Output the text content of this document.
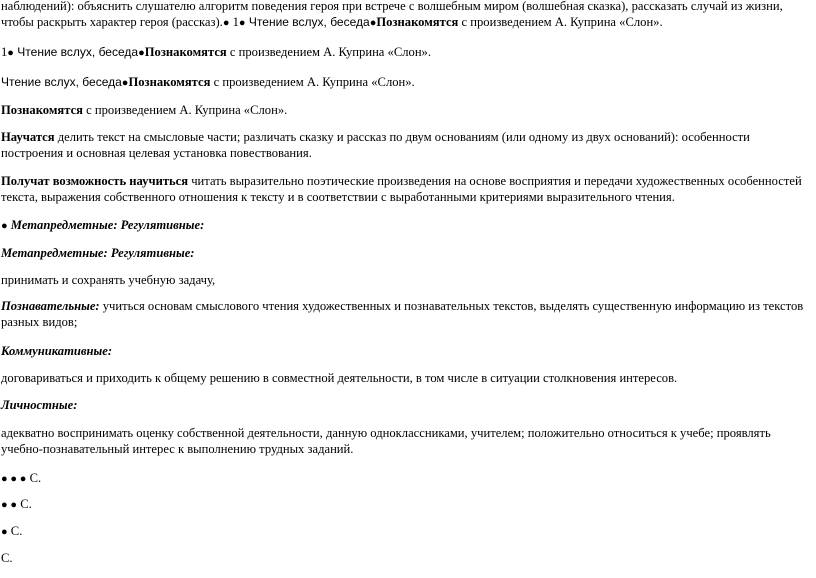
наблюдений): объяснить слушателю алгоритм поведения героя при встрече с волшебным миром (волшебная сказка), рассказать случай из жизни, чтобы раскрыть характер героя (рассказ).● 1● Чтение вслух, беседа●Познакомятся с произведением А. Куприна «Слон».

1● Чтение вслух, беседа●Познакомятся с произведением А. Куприна «Слон».

Чтение вслух, беседа●Познакомятся с произведением А. Куприна «Слон».

Познакомятся с произведением А. Куприна «Слон».

Научатся делить текст на смысловые части; различать сказку и рассказ по двум основаниям (или одному из двух оснований): особенности построения и основная целевая установка повествования.

Получат возможность научиться читать выразительно поэтические произведения на основе восприятия и передачи художественных особенностей текста, выражения собственного отношения к тексту и в соответствии с выработанными критериями выразительного чтения.

● Метапредметные: Регулятивные:

Метапредметные: Регулятивные:

принимать и сохранять учебную задачу,

Познавательные: учиться основам смыслового чтения художественных и познавательных текстов, выделять существенную информацию из текстов разных видов;

Коммуникативные:

договариваться и приходить к общему решению в совместной деятельности, в том числе в ситуации столкновения интересов.

Личностные:

адекватно воспринимать оценку собственной деятельности, данную одноклассниками, учителем; положительно относиться к учебе; проявлять учебно-познавательный интерес к выполнению трудных заданий.

● ● ● С.

● ● С.

● С.

С.
